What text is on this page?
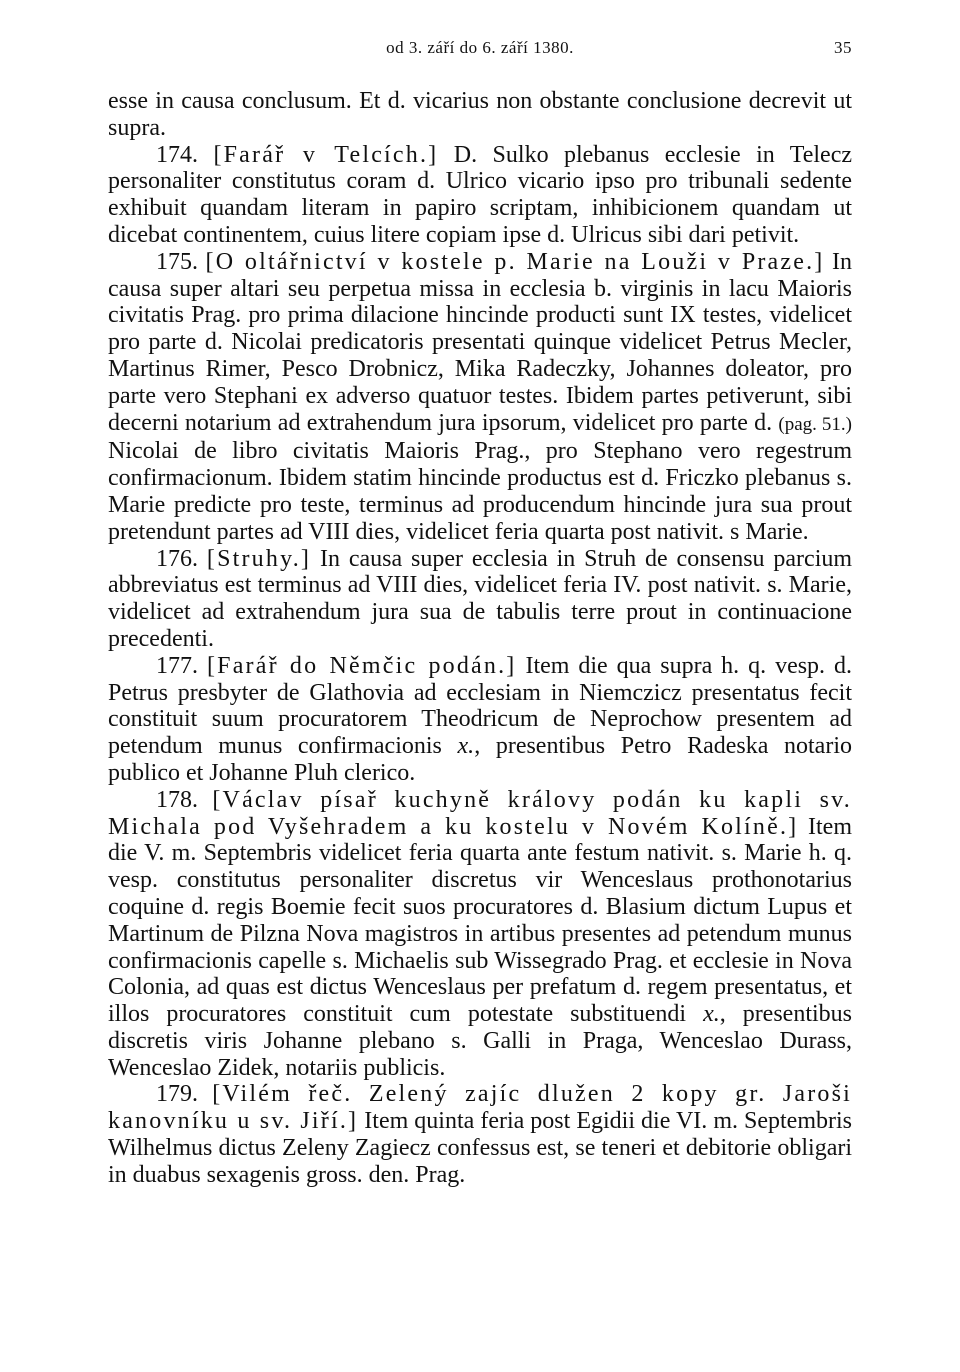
od 3. září do 6. září 1380.	35

esse in causa conclusum. Et d. vicarius non obstante conclusione decrevit ut supra.

174. [Farář v Telcích.] D. Sulko plebanus ecclesie in Telecz personaliter constitutus coram d. Ulrico vicario ipso pro tribunali sedente exhibuit quandam literam in papiro scriptam, inhibicionem quandam ut dicebat continentem, cuius litere copiam ipse d. Ulricus sibi dari petivit.

175. [O oltářnictví v kostele p. Marie na Louži v Praze.] In causa super altari seu perpetua missa in ecclesia b. virginis in lacu Maioris civitatis Prag. pro prima dilacione hincinde producti sunt IX testes, videlicet pro parte d. Nicolai predicatoris presentati quinque videlicet Petrus Mecler, Martinus Rimer, Pesco Drobnicz, Mika Radeczky, Johannes doleator, pro parte vero Stephani ex adverso quatuor testes. Ibidem partes petiverunt, sibi decerni notarium ad extrahendum jura ipsorum, videlicet pro parte d. (pag. 51.) Nicolai de libro civitatis Maioris Prag., pro Stephano vero regestrum confirmacionum. Ibidem statim hincinde productus est d. Friczko plebanus s. Marie predicte pro teste, terminus ad producendum hincinde jura sua prout pretendunt partes ad VIII dies, videlicet feria quarta post nativit. s Marie.

176. [Struhy.] In causa super ecclesia in Struh de consensu parcium abbreviatus est terminus ad VIII dies, videlicet feria IV. post nativit. s. Marie, videlicet ad extrahendum jura sua de tabulis terre prout in continuacione precedenti.

177. [Farář do Němčic podán.] Item die qua supra h. q. vesp. d. Petrus presbyter de Glathovia ad ecclesiam in Niemczicz presentatus fecit constituit suum procuratorem Theodricum de Neprochow presentem ad petendum munus confirmacionis x., presentibus Petro Radeska notario publico et Johanne Pluh clerico.

178. [Václav písař kuchyně královy podán ku kapli sv. Michala pod Vyšehradem a ku kostelu v Novém Kolíně.] Item die V. m. Septembris videlicet feria quarta ante festum nativit. s. Marie h. q. vesp. constitutus personaliter discretus vir Wenceslaus prothonotarius coquine d. regis Boemie fecit suos procuratores d. Blasium dictum Lupus et Martinum de Pilzna Nova magistros in artibus presentes ad petendum munus confirmacionis capelle s. Michaelis sub Wissegrado Prag. et ecclesie in Nova Colonia, ad quas est dictus Wenceslaus per prefatum d. regem presentatus, et illos procuratores constituit cum potestate substituendi x., presentibus discretis viris Johanne plebano s. Galli in Praga, Wenceslao Durass, Wenceslao Zidek, notariis publicis.

179. [Vilém řeč. Zelený zajíc dlužen 2 kopy gr. Jaroši kanovníku u sv. Jiří.] Item quinta feria post Egidii die VI. m. Septembris Wilhelmus dictus Zeleny Zagiecz confessus est, se teneri et debitorie obligari in duabus sexagenis gross. den. Prag.
